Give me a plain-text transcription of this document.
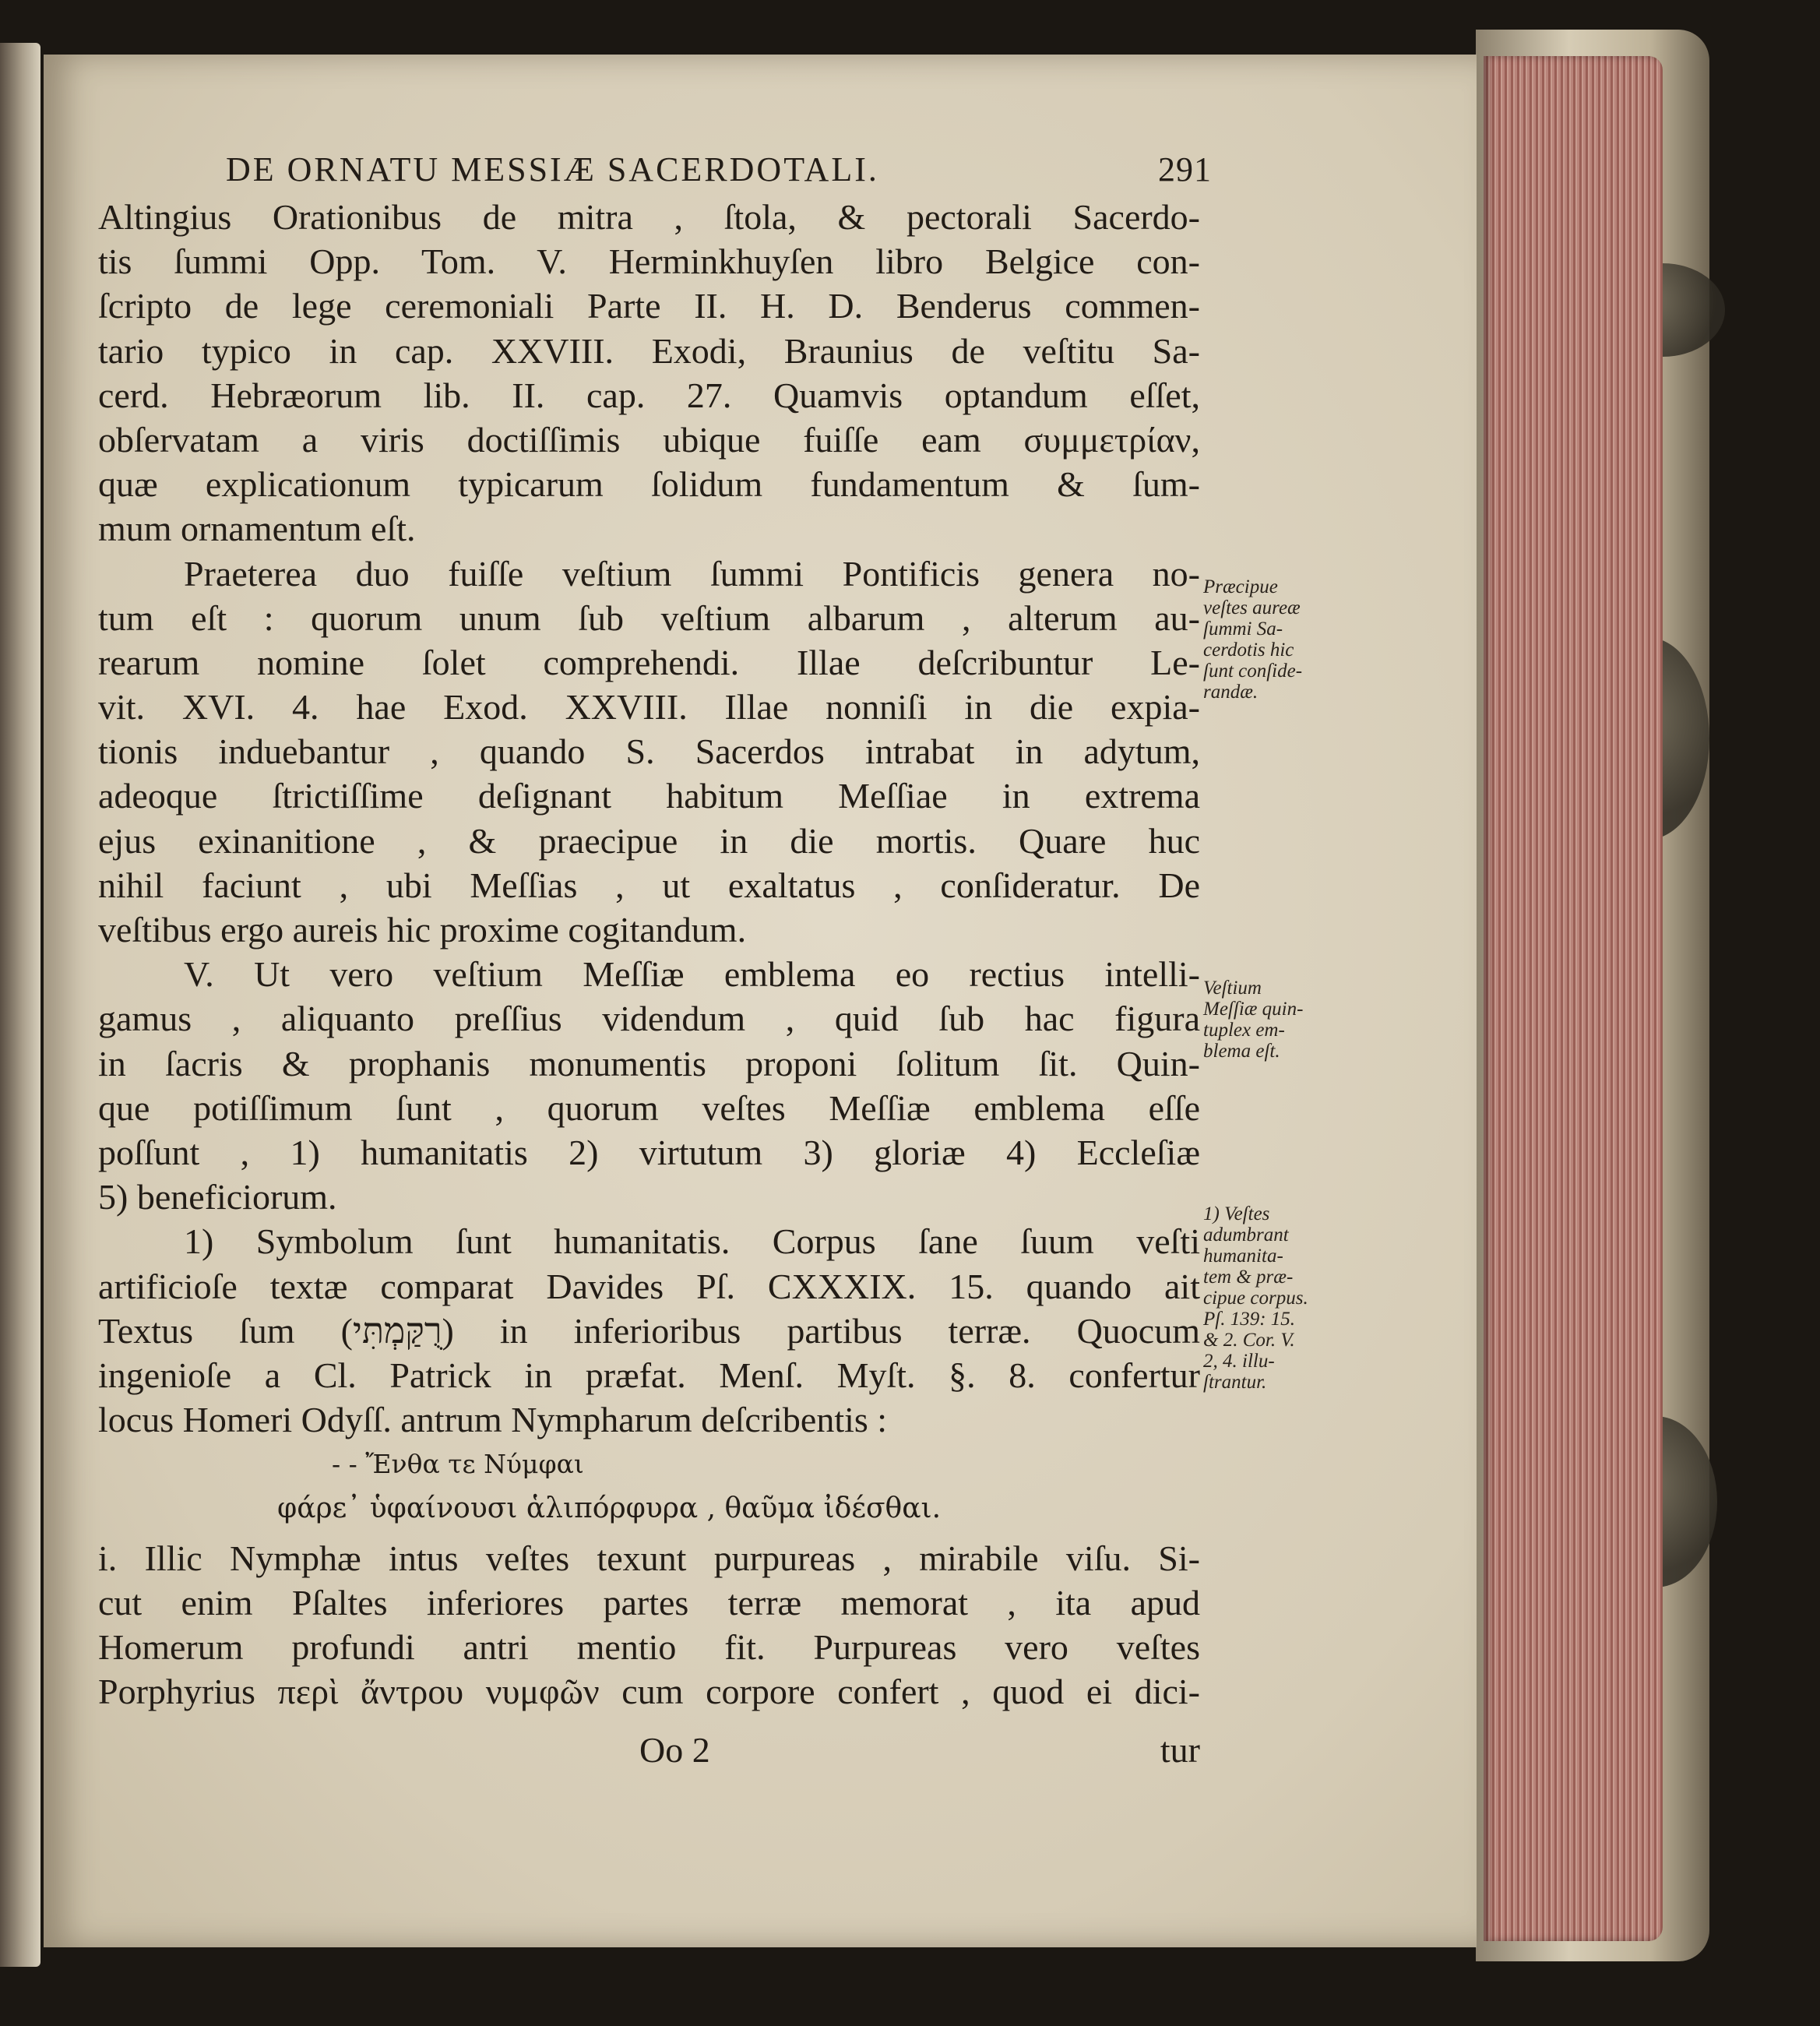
DE ORNATU MESSIÆ SACERDOTALI.	291
Altingius Orationibus de mitra , ſtola, & pectorali Sacerdo-
tis ſummi Opp. Tom. V. Herminkhuyſen libro Belgice con-
ſcripto de lege ceremoniali Parte II. H. D. Benderus commen-
tario typico in cap. XXVIII. Exodi, Braunius de veſtitu Sa-
cerd. Hebræorum lib. II. cap. 27. Quamvis optandum eſſet,
obſervatam a viris doctiſſimis ubique fuiſſe eam συμμετρίαν,
quæ explicationum typicarum ſolidum fundamentum & ſum-
mum ornamentum eſt.
Praeterea duo fuiſſe veſtium ſummi Pontificis genera no-
tum eſt : quorum unum ſub veſtium albarum , alterum au-
rearum nomine ſolet comprehendi. Illae deſcribuntur Le-
vit. XVI. 4. hae Exod. XXVIII. Illae nonniſi in die expia-
tionis induebantur , quando S. Sacerdos intrabat in adytum,
adeoque ſtrictiſſime deſignant habitum Meſſiae in extrema
ejus exinanitione , & praecipue in die mortis. Quare huc
nihil faciunt , ubi Meſſias , ut exaltatus , conſideratur. De
veſtibus ergo aureis hic proxime cogitandum.
V. Ut vero veſtium Meſſiæ emblema eo rectius intelli-
gamus , aliquanto preſſius videndum , quid ſub hac figura
in ſacris & prophanis monumentis proponi ſolitum ſit. Quin-
que potiſſimum ſunt , quorum veſtes Meſſiæ emblema eſſe
poſſunt , 1) humanitatis 2) virtutum 3) gloriæ 4) Eccleſiæ
5) beneficiorum.
1) Symbolum ſunt humanitatis. Corpus ſane ſuum veſti
artificioſe textæ comparat Davides Pſ. CXXXIX. 15. quando ait
Textus ſum (רֻקַּמְתִּי) in inferioribus partibus terræ. Quocum
ingenioſe a Cl. Patrick in præfat. Menſ. Myſt. §. 8. confertur
locus Homeri Odyſſ. antrum Nympharum deſcribentis :
- - Ἔνθα τε Νύμφαι
φάρε᾽ ὑφαίνουσι ἁλιπόρφυρα , θαῦμα ἰδέσθαι.
i. Illic Nymphæ intus veſtes texunt purpureas , mirabile viſu. Si-
cut enim Pſaltes inferiores partes terræ memorat , ita apud
Homerum profundi antri mentio fit. Purpureas vero veſtes
Porphyrius περὶ ἄντρου νυμφῶν cum corpore confert , quod ei dici-
Oo 2	tur
Præcipue
veſtes aureæ
ſummi Sa-
cerdotis hic
ſunt conſide-
randæ.
Veſtium
Meſſiæ quin-
tuplex em-
blema eſt.
1) Veſtes
adumbrant
humanita-
tem & præ-
cipue corpus.
Pſ. 139: 15.
& 2. Cor. V.
2, 4. illu-
ſtrantur.
